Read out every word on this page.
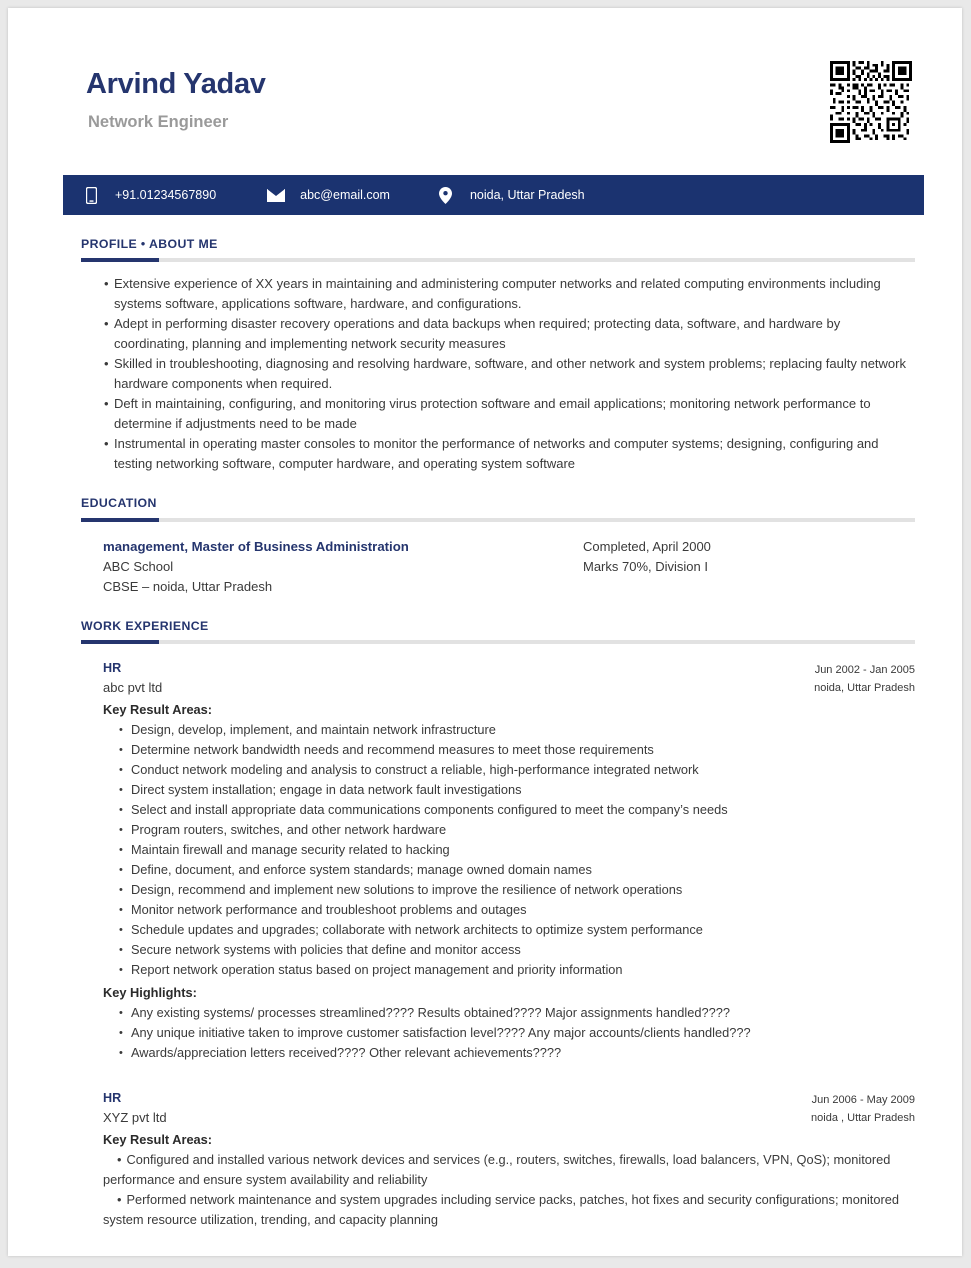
Arvind Yadav
Network Engineer
+91.01234567890	abc@email.com	noida, Uttar Pradesh
PROFILE • ABOUT ME
• Extensive experience of XX years in maintaining and administering computer networks and related computing environments including systems software, applications software, hardware, and configurations.
• Adept in performing disaster recovery operations and data backups when required; protecting data, software, and hardware by coordinating, planning and implementing network security measures
• Skilled in troubleshooting, diagnosing and resolving hardware, software, and other network and system problems; replacing faulty network hardware components when required.
• Deft in maintaining, configuring, and monitoring virus protection software and email applications; monitoring network performance to determine if adjustments need to be made
• Instrumental in operating master consoles to monitor the performance of networks and computer systems; designing, configuring and testing networking software, computer hardware, and operating system software
EDUCATION
management, Master of Business Administration
ABC School
CBSE – noida, Uttar Pradesh
Completed, April 2000
Marks 70%, Division I
WORK EXPERIENCE
HR
abc pvt ltd
Jun 2002 - Jan 2005
noida, Uttar Pradesh
Key Result Areas:
• Design, develop, implement, and maintain network infrastructure
• Determine network bandwidth needs and recommend measures to meet those requirements
• Conduct network modeling and analysis to construct a reliable, high-performance integrated network
• Direct system installation; engage in data network fault investigations
• Select and install appropriate data communications components configured to meet the company’s needs
• Program routers, switches, and other network hardware
• Maintain firewall and manage security related to hacking
• Define, document, and enforce system standards; manage owned domain names
• Design, recommend and implement new solutions to improve the resilience of network operations
• Monitor network performance and troubleshoot problems and outages
• Schedule updates and upgrades; collaborate with network architects to optimize system performance
• Secure network systems with policies that define and monitor access
• Report network operation status based on project management and priority information
Key Highlights:
• Any existing systems/ processes streamlined???? Results obtained???? Major assignments handled????
• Any unique initiative taken to improve customer satisfaction level???? Any major accounts/clients handled???
• Awards/appreciation letters received???? Other relevant achievements????
HR
XYZ pvt ltd
Jun 2006 - May 2009
noida , Uttar Pradesh
Key Result Areas:
• Configured and installed various network devices and services (e.g., routers, switches, firewalls, load balancers, VPN, QoS); monitored performance and ensure system availability and reliability
• Performed network maintenance and system upgrades including service packs, patches, hot fixes and security configurations; monitored system resource utilization, trending, and capacity planning
